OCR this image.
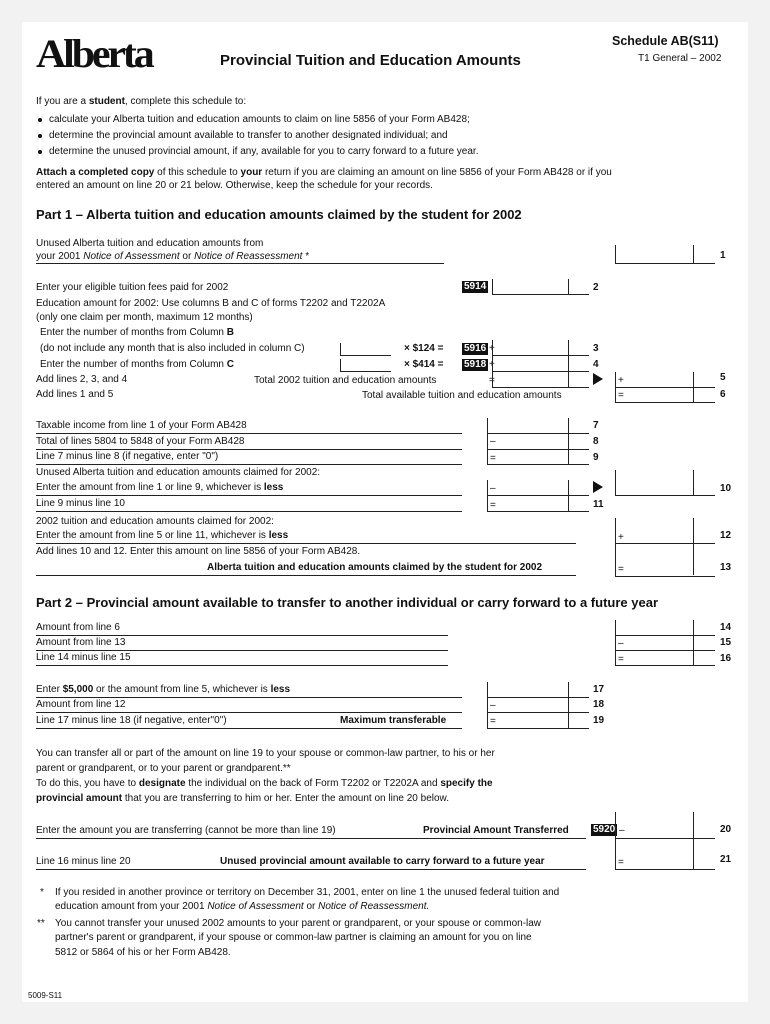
Alberta	Provincial Tuition and Education Amounts
Schedule AB(S11)
T1 General – 2002
If you are a student, complete this schedule to:
calculate your Alberta tuition and education amounts to claim on line 5856 of your Form AB428;
determine the provincial amount available to transfer to another designated individual; and
determine the unused provincial amount, if any, available for you to carry forward to a future year.
Attach a completed copy of this schedule to your return if you are claiming an amount on line 5856 of your Form AB428 or if you
entered an amount on line 20 or 21 below. Otherwise, keep the schedule for your records.
Part 1 – Alberta tuition and education amounts claimed by the student for 2002
Unused Alberta tuition and education amounts from
your 2001 Notice of Assessment or Notice of Reassessment *	1
Enter your eligible tuition fees paid for 2002	5914	2
Education amount for 2002: Use columns B and C of forms T2202 and T2202A
(only one claim per month, maximum 12 months)
Enter the number of months from Column B
(do not include any month that is also included in column C)	× $124 = 5916 +	3
Enter the number of months from Column C	× $414 = 5918 +	4
Add lines 2, 3, and 4	Total 2002 tuition and education amounts	=	+	5
Add lines 1 and 5	Total available tuition and education amounts	=	6
Taxable income from line 1 of your Form AB428	7
Total of lines 5804 to 5848 of your Form AB428	–	8
Line 7 minus line 8 (if negative, enter "0")	=	9
Unused Alberta tuition and education amounts claimed for 2002:
Enter the amount from line 1 or line 9, whichever is less	–	10
Line 9 minus line 10	=	11
2002 tuition and education amounts claimed for 2002:
Enter the amount from line 5 or line 11, whichever is less	+	12
Add lines 10 and 12. Enter this amount on line 5856 of your Form AB428.
Alberta tuition and education amounts claimed by the student for 2002	=	13
Part 2 – Provincial amount available to transfer to another individual or carry forward to a future year
Amount from line 6	14
Amount from line 13	–	15
Line 14 minus line 15	=	16
Enter $5,000 or the amount from line 5, whichever is less	17
Amount from line 12	–	18
Line 17 minus line 18 (if negative, enter"0")	Maximum transferable	=	19
You can transfer all or part of the amount on line 19 to your spouse or common-law partner, to his or her
parent or grandparent, or to your parent or grandparent.**
To do this, you have to designate the individual on the back of Form T2202 or T2202A and specify the
provincial amount that you are transferring to him or her. Enter the amount on line 20 below.
Enter the amount you are transferring (cannot be more than line 19)	Provincial Amount Transferred 5920 –	20
Line 16 minus line 20	Unused provincial amount available to carry forward to a future year	=	21
* If you resided in another province or territory on December 31, 2001, enter on line 1 the unused federal tuition and
education amount from your 2001 Notice of Assessment or Notice of Reassessment.
** You cannot transfer your unused 2002 amounts to your parent or grandparent, or your spouse or common-law
partner's parent or grandparent, if your spouse or common-law partner is claiming an amount for you on line
5812 or 5864 of his or her Form AB428.
5009-S11
